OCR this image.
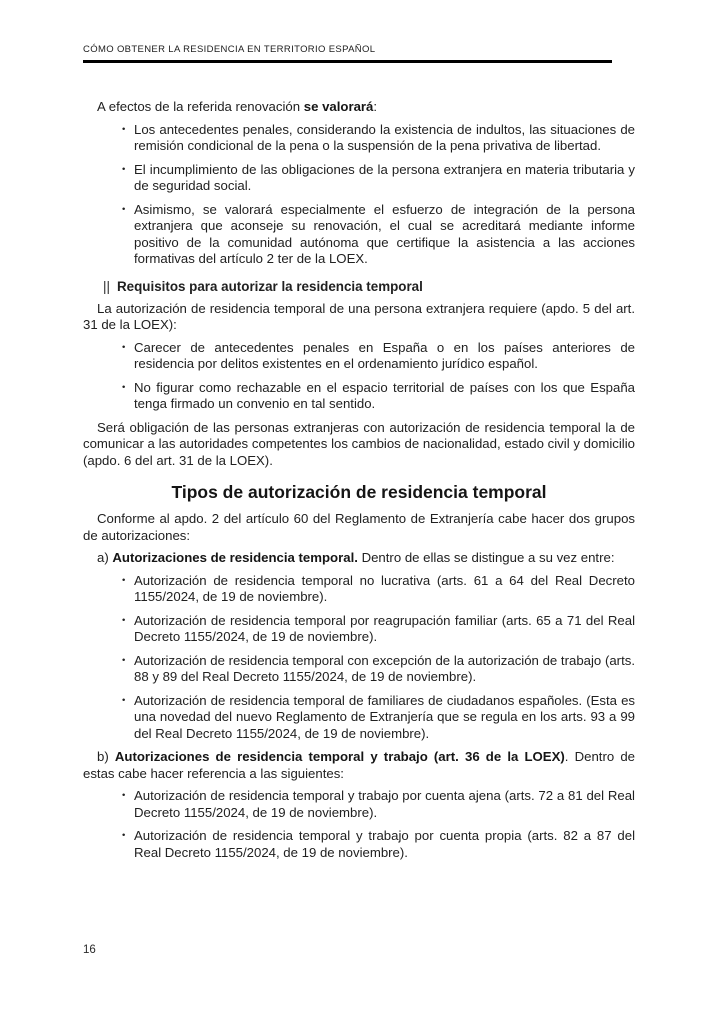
CÓMO OBTENER LA RESIDENCIA EN TERRITORIO ESPAÑOL

A efectos de la referida renovación se valorará:

• Los antecedentes penales, considerando la existencia de indultos, las situaciones de remisión condicional de la pena o la suspensión de la pena privativa de libertad.
• El incumplimiento de las obligaciones de la persona extranjera en materia tributaria y de seguridad social.
• Asimismo, se valorará especialmente el esfuerzo de integración de la persona extranjera que aconseje su renovación, el cual se acreditará mediante informe positivo de la comunidad autónoma que certifique la asistencia a las acciones formativas del artículo 2 ter de la LOEX.
|| Requisitos para autorizar la residencia temporal

La autorización de residencia temporal de una persona extranjera requiere (apdo. 5 del art. 31 de la LOEX):

• Carecer de antecedentes penales en España o en los países anteriores de residencia por delitos existentes en el ordenamiento jurídico español.
• No figurar como rechazable en el espacio territorial de países con los que España tenga firmado un convenio en tal sentido.

Será obligación de las personas extranjeras con autorización de residencia temporal la de comunicar a las autoridades competentes los cambios de nacionalidad, estado civil y domicilio (apdo. 6 del art. 31 de la LOEX).

Tipos de autorización de residencia temporal

Conforme al apdo. 2 del artículo 60 del Reglamento de Extranjería cabe hacer dos grupos de autorizaciones:

a) Autorizaciones de residencia temporal. Dentro de ellas se distingue a su vez entre:

• Autorización de residencia temporal no lucrativa (arts. 61 a 64 del Real Decreto 1155/2024, de 19 de noviembre).
• Autorización de residencia temporal por reagrupación familiar (arts. 65 a 71 del Real Decreto 1155/2024, de 19 de noviembre).
• Autorización de residencia temporal con excepción de la autorización de trabajo (arts. 88 y 89 del Real Decreto 1155/2024, de 19 de noviembre).
• Autorización de residencia temporal de familiares de ciudadanos españoles. (Esta es una novedad del nuevo Reglamento de Extranjería que se regula en los arts. 93 a 99 del Real Decreto 1155/2024, de 19 de noviembre).

b) Autorizaciones de residencia temporal y trabajo (art. 36 de la LOEX). Dentro de estas cabe hacer referencia a las siguientes:

• Autorización de residencia temporal y trabajo por cuenta ajena (arts. 72 a 81 del Real Decreto 1155/2024, de 19 de noviembre).
• Autorización de residencia temporal y trabajo por cuenta propia (arts. 82 a 87 del Real Decreto 1155/2024, de 19 de noviembre).
16
